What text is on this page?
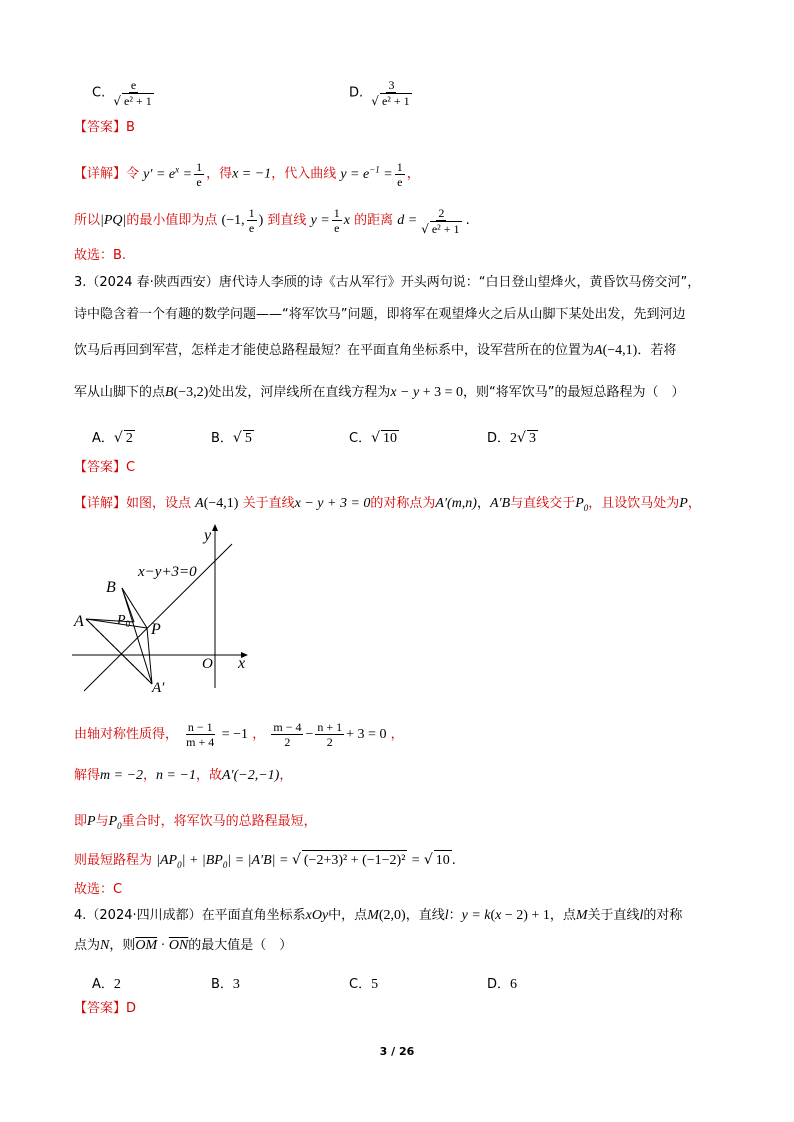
C. $\frac{e}{\text{√ e² + 1}}$	D. $\frac{3}{\text{√ e² + 1}}$
【答案】B
【详解】令 $y' = e^x = \frac{1}{e}$ ，得x = −1，代入曲线 $y = e^{-1} = \frac{1}{e}$ ，
所以|PQ|的最小值即为点 (−1, $\frac{1}{e}$ ) 到直线 $y = \frac{1}{e}$ x 的距离 $d = \frac{2}{\text{√ e² + 1}}$ .
故选：B.
3.（2024 春·陕西西安）唐代诗人李颀的诗《古从军行》开头两句说：“白日登山望烽火，黄昏饮马傍交河”，
诗中隐含着一个有趣的数学问题——“将军饮马”问题，即将军在观望烽火之后从山脚下某处出发，先到河边
饮马后再回到军营，怎样走才能使总路程最短？在平面直角坐标系中，设军营所在的位置为A(−4,1)．若将
军从山脚下的点B(−3,2)处出发，河岸线所在直线方程为x − y + 3 = 0，则“将军饮马”的最短总路程为（　）
A．√ 2	B．√ 5	C．√ 10	D．2√ 3
【答案】C
【详解】如图，设点 A(−4,1) 关于直线x − y + 3 = 0的对称点为A′(m,n)，A′B与直线交于$P_0$，且设饮马处为P，
x−y+3=0
y
x
O
A
B
$P_0$ P
A′
由轴对称性质得， $\frac{n - 1}{m + 4} = -1$ ， $\frac{m - 4}{2} - \frac{n + 1}{2} + 3 = 0$ ，
解得m = −2，n = −1，故A′(−2,−1)，
即P与$P_0$重合时，将军饮马的总路程最短，
则最短路程为 $|AP_0| + |BP_0| = |A'B|$ = √ (−2+3)² + (−1−2)² = √ 10 .
故选：C
4.（2024·四川成都）在平面直角坐标系xOy中，点M(2,0)，直线l：y = k(x − 2) + 1，点M关于直线l的对称
点为N，则$\overline{OM} \cdot \overline{ON}$的最大值是（　）
A．2	B．3	C．5	D．6
【答案】D
3 / 26
